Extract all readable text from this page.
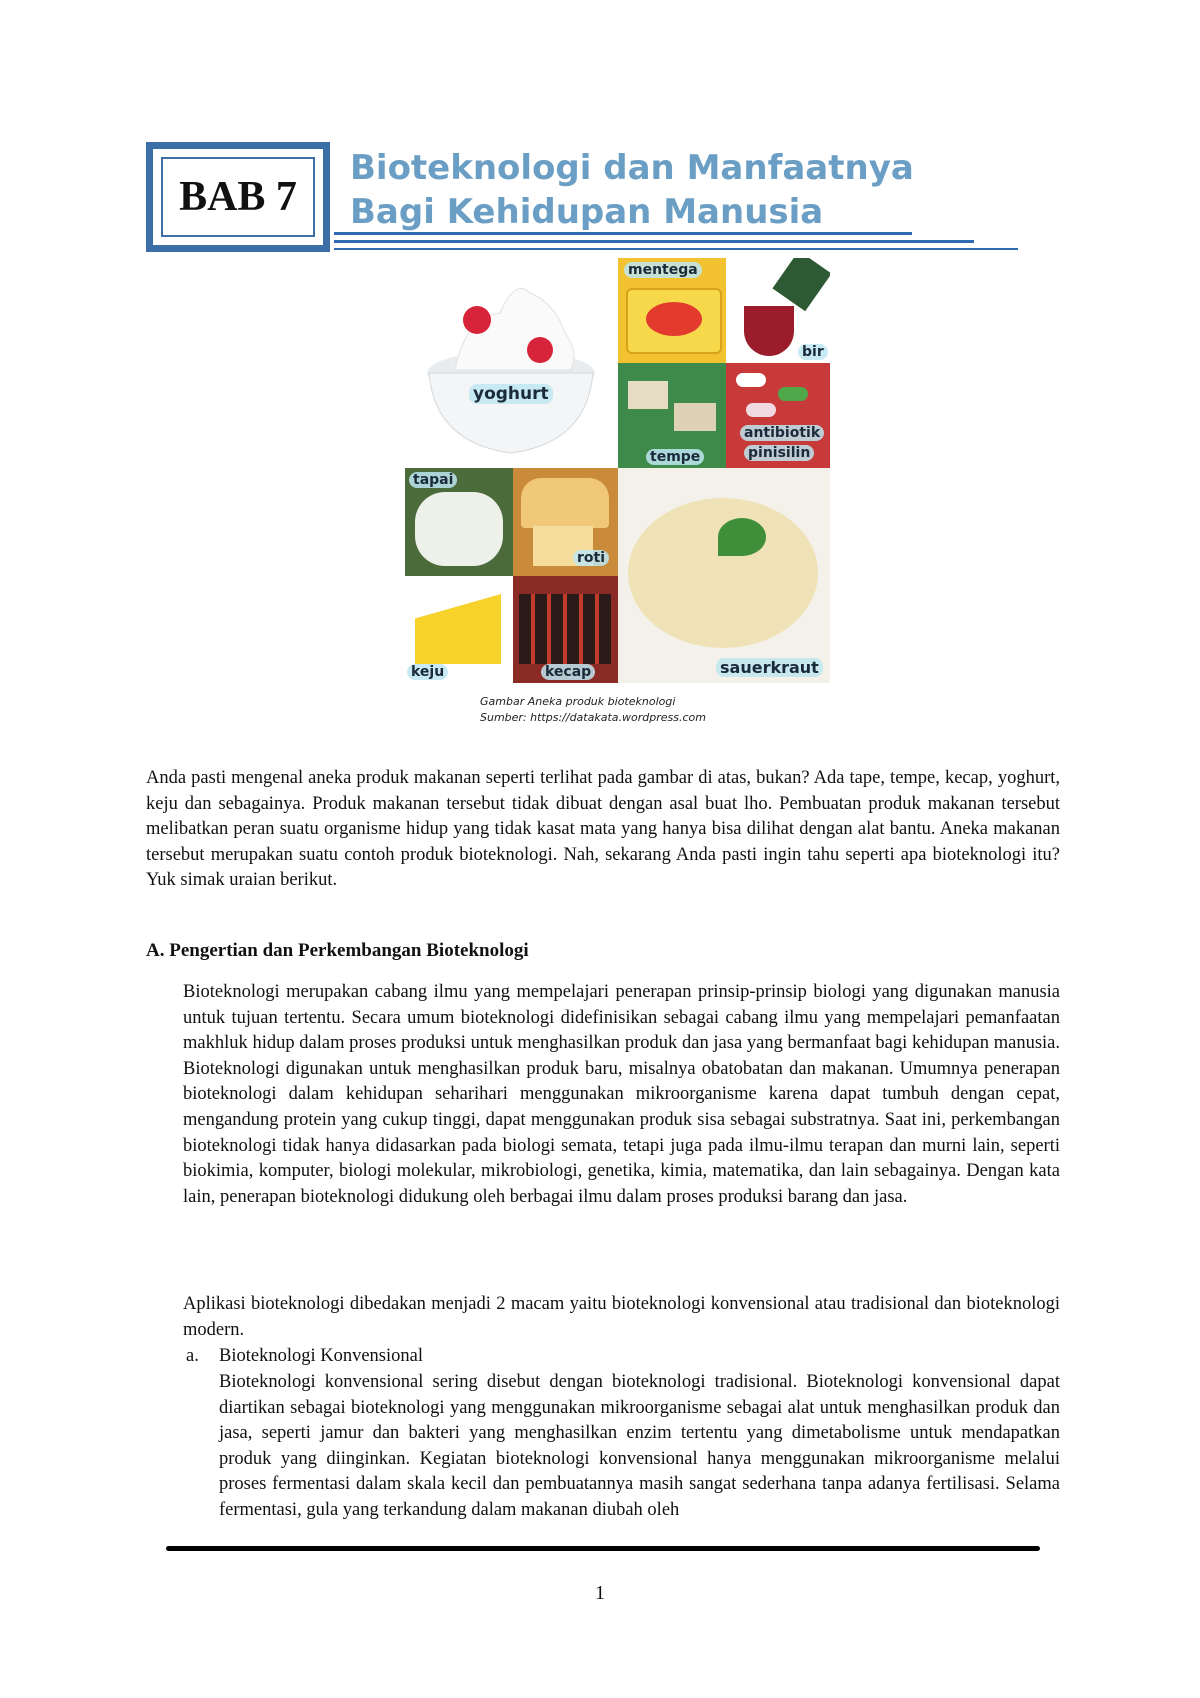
BAB 7
Bioteknologi dan Manfaatnya
Bagi Kehidupan Manusia
yoghurt
mentega
bir
tempe
antibiotik
pinisilin
tapai
roti
sauerkraut
keju	kecap
Gambar Aneka produk bioteknologi
Sumber: https://datakata.wordpress.com

Anda pasti mengenal aneka produk makanan seperti terlihat pada gambar di atas, bukan? Ada tape, tempe, kecap, yoghurt, keju dan sebagainya. Produk makanan tersebut tidak dibuat dengan asal buat lho. Pembuatan produk makanan tersebut melibatkan peran suatu organisme hidup yang tidak kasat mata yang hanya bisa dilihat dengan alat bantu. Aneka makanan tersebut merupakan suatu contoh produk bioteknologi. Nah, sekarang Anda pasti ingin tahu seperti apa bioteknologi itu? Yuk simak uraian berikut.

A. Pengertian dan Perkembangan Bioteknologi

Bioteknologi merupakan cabang ilmu yang mempelajari penerapan prinsip-prinsip biologi yang digunakan manusia untuk tujuan tertentu. Secara umum bioteknologi didefinisikan sebagai cabang ilmu yang mempelajari pemanfaatan makhluk hidup dalam proses produksi untuk menghasilkan produk dan jasa yang bermanfaat bagi kehidupan manusia. Bioteknologi digunakan untuk menghasilkan produk baru, misalnya obatobatan dan makanan. Umumnya penerapan bioteknologi dalam kehidupan seharihari menggunakan mikroorganisme karena dapat tumbuh dengan cepat, mengandung protein yang cukup tinggi, dapat menggunakan produk sisa sebagai substratnya. Saat ini, perkembangan bioteknologi tidak hanya didasarkan pada biologi semata, tetapi juga pada ilmu-ilmu terapan dan murni lain, seperti biokimia, komputer, biologi molekular, mikrobiologi, genetika, kimia, matematika, dan lain sebagainya. Dengan kata lain, penerapan bioteknologi didukung oleh berbagai ilmu dalam proses produksi barang dan jasa.

Aplikasi bioteknologi dibedakan menjadi 2 macam yaitu bioteknologi konvensional atau tradisional dan bioteknologi modern.

a.	Bioteknologi Konvensional

Bioteknologi konvensional sering disebut dengan bioteknologi tradisional. Bioteknologi konvensional dapat diartikan sebagai bioteknologi yang menggunakan mikroorganisme sebagai alat untuk menghasilkan produk dan jasa, seperti jamur dan bakteri yang menghasilkan enzim tertentu yang dimetabolisme untuk mendapatkan produk yang diinginkan. Kegiatan bioteknologi konvensional hanya menggunakan mikroorganisme melalui proses fermentasi dalam skala kecil dan pembuatannya masih sangat sederhana tanpa adanya fertilisasi. Selama fermentasi, gula yang terkandung dalam makanan diubah oleh

1
